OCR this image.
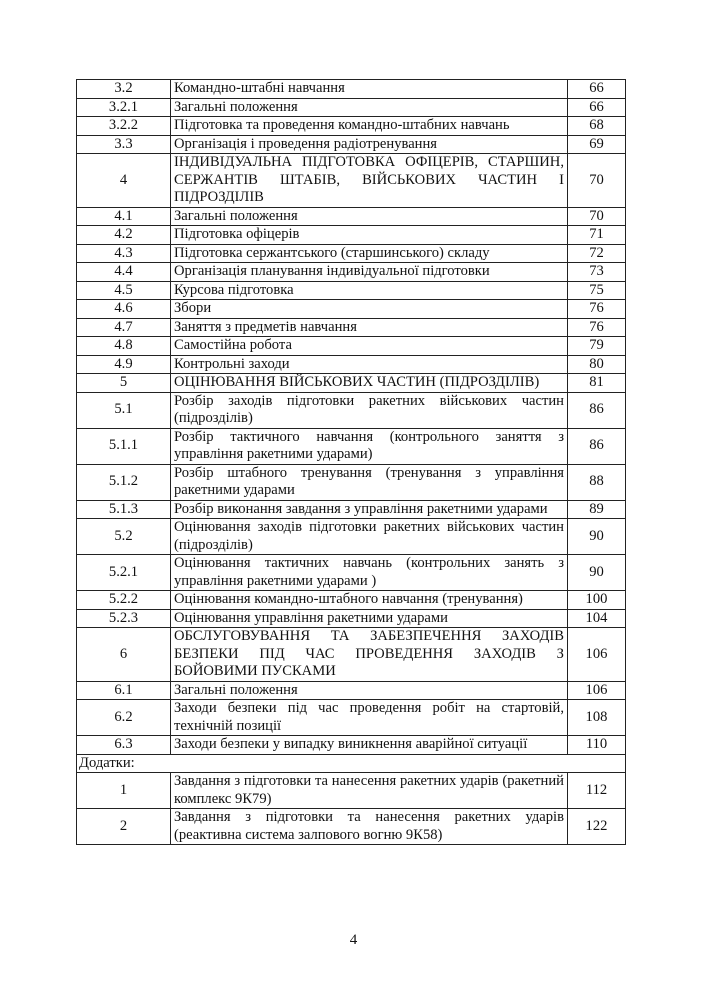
3.2	Командно-штабні навчання	66
3.2.1	Загальні положення	66
3.2.2	Підготовка та проведення командно-штабних навчань	68
3.3	Організація і проведення радіотренування	69
4	ІНДИВІДУАЛЬНА ПІДГОТОВКА ОФІЦЕРІВ, СТАРШИН, СЕРЖАНТІВ ШТАБІВ, ВІЙСЬКОВИХ ЧАСТИН І ПІДРОЗДІЛІВ	70
4.1	Загальні положення	70
4.2	Підготовка офіцерів	71
4.3	Підготовка сержантського (старшинського) складу	72
4.4	Організація планування індивідуальної підготовки	73
4.5	Курсова підготовка	75
4.6	Збори	76
4.7	Заняття з предметів навчання	76
4.8	Самостійна робота	79
4.9	Контрольні заходи	80
5	ОЦІНЮВАННЯ ВІЙСЬКОВИХ ЧАСТИН (ПІДРОЗДІЛІВ)	81
5.1	Розбір заходів підготовки ракетних військових частин (підрозділів)	86
5.1.1	Розбір тактичного навчання (контрольного заняття з управління ракетними ударами)	86
5.1.2	Розбір штабного тренування (тренування з управління ракетними ударами	88
5.1.3	Розбір виконання завдання з управління ракетними ударами	89
5.2	Оцінювання заходів підготовки ракетних військових частин (підрозділів)	90
5.2.1	Оцінювання тактичних навчань (контрольних занять з управління ракетними ударами )	90
5.2.2	Оцінювання командно-штабного навчання (тренування)	100
5.2.3	Оцінювання управління ракетними ударами	104
6	ОБСЛУГОВУВАННЯ ТА ЗАБЕЗПЕЧЕННЯ ЗАХОДІВ БЕЗПЕКИ ПІД ЧАС ПРОВЕДЕННЯ ЗАХОДІВ З БОЙОВИМИ ПУСКАМИ	106
6.1	Загальні положення	106
6.2	Заходи безпеки під час проведення робіт на стартовій, технічній позиції	108
6.3	Заходи безпеки у випадку виникнення аварійної ситуації	110
Додатки:		
1	Завдання з підготовки та нанесення ракетних ударів (ракетний комплекс 9К79)	112
2	Завдання з підготовки та нанесення ракетних ударів (реактивна система залпового вогню 9К58)	122
4
